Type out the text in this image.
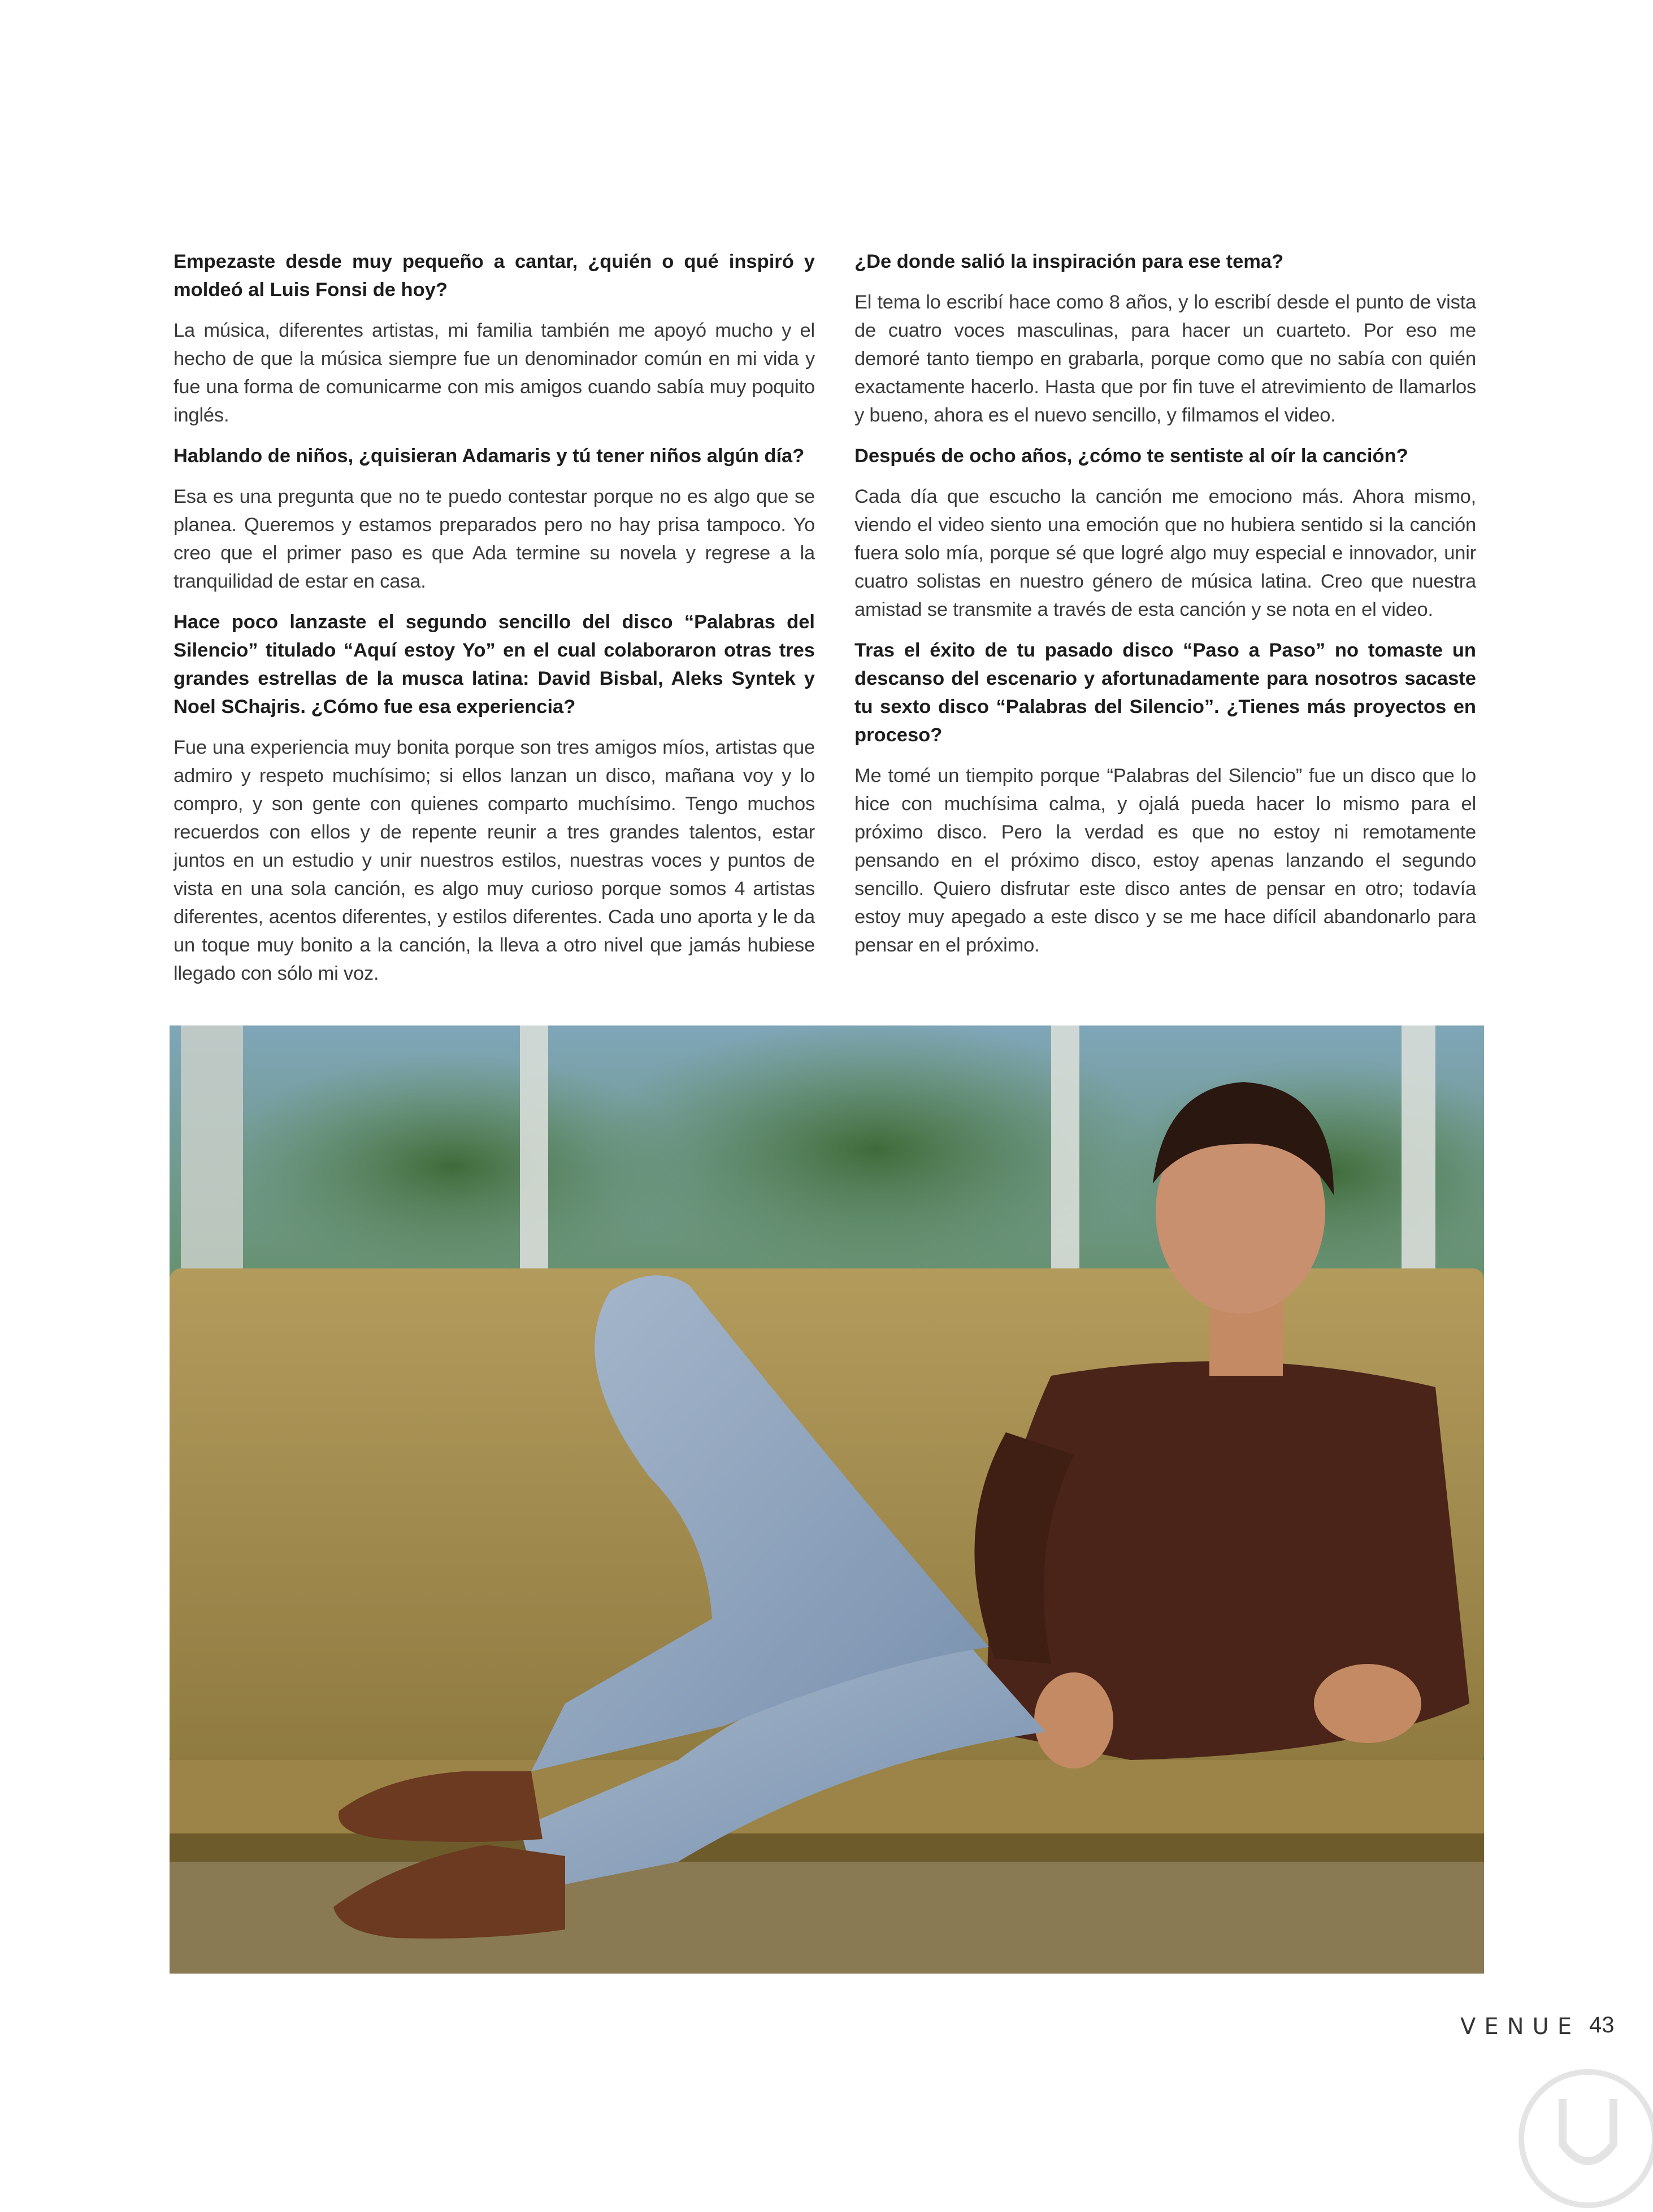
Empezaste desde muy pequeño a cantar, ¿quién o qué inspiró y moldeó al Luis Fonsi de hoy?

La música, diferentes artistas, mi familia también me apoyó mucho y el hecho de que la música siempre fue un denominador común en mi vida y fue una forma de comunicarme con mis amigos cuando sabía muy poquito inglés.

Hablando de niños, ¿quisieran Adamaris y tú tener niños algún día?

Esa es una pregunta que no te puedo contestar porque no es algo que se planea. Queremos y estamos preparados pero no hay prisa tampoco. Yo creo que el primer paso es que Ada termine su novela y regrese a la tranquilidad de estar en casa.

Hace poco lanzaste el segundo sencillo del disco “Palabras del Silencio” titulado “Aquí estoy Yo” en el cual colaboraron otras tres grandes estrellas de la musca latina: David Bisbal, Aleks Syntek y Noel SChajris. ¿Cómo fue esa experiencia?

Fue una experiencia muy bonita porque son tres amigos míos, artistas que admiro y respeto muchísimo; si ellos lanzan un disco, mañana voy y lo compro, y son gente con quienes comparto muchísimo. Tengo muchos recuerdos con ellos y de repente reunir a tres grandes talentos, estar juntos en un estudio y unir nuestros estilos, nuestras voces y puntos de vista en una sola canción, es algo muy curioso porque somos 4 artistas diferentes, acentos diferentes, y estilos diferentes. Cada uno aporta y le da un toque muy bonito a la canción, la lleva a otro nivel que jamás hubiese llegado con sólo mi voz.

¿De donde salió la inspiración para ese tema?

El tema lo escribí hace como 8 años, y lo escribí desde el punto de vista de cuatro voces masculinas, para hacer un cuarteto. Por eso me demoré tanto tiempo en grabarla, porque como que no sabía con quién exactamente hacerlo. Hasta que por fin tuve el atrevimiento de llamarlos y bueno, ahora es el nuevo sencillo, y filmamos el video.

Después de ocho años, ¿cómo te sentiste al oír la canción?

Cada día que escucho la canción me emociono más. Ahora mismo, viendo el video siento una emoción que no hubiera sentido si la canción fuera solo mía, porque sé que logré algo muy especial e innovador, unir cuatro solistas en nuestro género de música latina. Creo que nuestra amistad se transmite a través de esta canción y se nota en el video.

Tras el éxito de tu pasado disco “Paso a Paso” no tomaste un descanso del escenario y afortunadamente para nosotros sacaste tu sexto disco “Palabras del Silencio”. ¿Tienes más proyectos en proceso?

Me tomé un tiempito porque “Palabras del Silencio” fue un disco que lo hice con muchísima calma, y ojalá pueda hacer lo mismo para el próximo disco. Pero la verdad es que no estoy ni remotamente pensando en el próximo disco, estoy apenas lanzando el segundo sencillo. Quiero disfrutar este disco antes de pensar en otro; todavía estoy muy apegado a este disco y se me hace difícil abandonarlo para pensar en el próximo.

VENUE 43
